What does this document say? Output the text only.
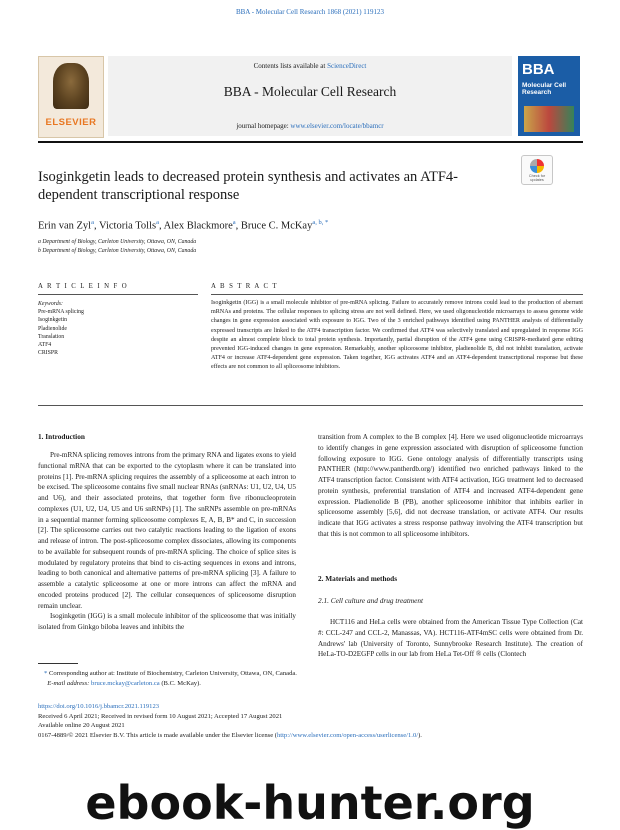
BBA - Molecular Cell Research 1868 (2021) 119123
ELSEVIER
Contents lists available at ScienceDirect
BBA - Molecular Cell Research
journal homepage: www.elsevier.com/locate/bbamcr
BBA
Molecular Cell
Research
Isoginkgetin leads to decreased protein synthesis and activates an ATF4-dependent transcriptional response
Check for
updates
Erin van Zyl$^a$, Victoria Tolls$^a$, Alex Blackmore$^a$, Bruce C. McKay$^{a, b, *}$
a Department of Biology, Carleton University, Ottawa, ON, Canada
b Department of Biology, Carleton University, Ottawa, ON, Canada
A R T I C L E I N F O	A B S T R A C T
Keywords:
Pre-mRNA splicing
Isoginkgetin
Pladienolide
Translation
ATF4
CRISPR
Isoginkgetin (IGG) is a small molecule inhibitor of pre-mRNA splicing. Failure to accurately remove introns could lead to the production of aberrant mRNAs and proteins. The cellular responses to splicing stress are not well defined. Here, we used oligonucleotide microarrays to assess genome wide changes in gene expression associated with exposure to IGG. Two of the 3 enriched pathways identified using PANTHER analysis of differentially expressed transcripts are linked to the ATF4 transcription factor. We confirmed that ATF4 was selectively translated and upregulated in response IGG despite an almost complete block to total protein synthesis. Importantly, partial disruption of the ATF4 gene using CRISPR-mediated gene editing prevented IGG-induced changes in gene expression. Remarkably, another spliceosome inhibitor, pladienolide B, did not inhibit translation, activate ATF4 or increase ATF4-dependent gene expression. Taken together, IGG activates ATF4 and an ATF4-dependent transcriptional response but these effects are not common to all spliceosome inhibitors.
1. Introduction

Pre-mRNA splicing removes introns from the primary RNA and ligates exons to yield functional mRNA that can be exported to the cytoplasm where it can be translated into proteins [1]. Pre-mRNA splicing requires the assembly of a spliceosome at each intron to be excised. The spliceosome contains five small nuclear RNAs (snRNAs: U1, U2, U4, U5 and U6), and their associated proteins, that together form five ribonucleoprotein complexes (U1, U2, U4, U5 and U6 snRNPs) [1]. The snRNPs assemble on pre-mRNAs in a sequential manner forming spliceosome complexes E, A, B, B* and C, in succession [2]. The spliceosome carries out two catalytic reactions leading to the ligation of exons and release of intron. The post-spliceosome complex dissociates, allowing its components to be available for subsequent rounds of pre-mRNA splicing. The choice of splice sites is modulated by regulatory proteins that bind to cis-acting sequences in exons and introns, leading to both canonical and alternative patterns of pre-mRNA splicing [3]. A failure to assemble a catalytic spliceosome at one or more introns can affect the mRNA and encoded proteins produced [2]. The cellular consequences of spliceosome disruption remain unclear.

Isoginkgetin (IGG) is a small molecule inhibitor of the spliceosome that was initially isolated from Ginkgo biloba leaves and inhibits the

transition from A complex to the B complex [4]. Here we used oligonucleotide microarrays to identify changes in gene expression associated with disruption of spliceosome function following exposure to IGG. Gene ontology analysis of differentially transcripts using PANTHER (http://www.pantherdb.org/) identified two enriched pathways linked to the ATF4 transcription factor. Consistent with ATF4 activation, IGG treatment led to decreased protein synthesis, preferential translation of ATF4 and increased ATF4-dependent gene expression. Pladienolide B (PB), another spliceosome inhibitor that inhibits earlier in spliceosome assembly [5,6], did not decrease translation, or activate ATF4. Our results indicate that IGG activates a stress response pathway involving the ATF4 transcription but that this is not common to all spliceosome inhibitors.

2. Materials and methods
2.1. Cell culture and drug treatment

HCT116 and HeLa cells were obtained from the American Tissue Type Collection (Cat #: CCL-247 and CCL-2, Manassas, VA). HCT116-ATF4mSC cells were obtained from Dr. Andrews' lab (University of Toronto, Sunnybrooke Research Institute). The creation of HeLa-TO-D2EGFP cells in our lab from HeLa Tet-Off ® cells (Clontech

* Corresponding author at: Institute of Biochemistry, Carleton University, Ottawa, ON, Canada.
E-mail address: bruce.mckay@carleton.ca (B.C. McKay).
https://doi.org/10.1016/j.bbamcr.2021.119123
Received 6 April 2021; Received in revised form 10 August 2021; Accepted 17 August 2021
Available online 20 August 2021
0167-4889/© 2021 Elsevier B.V. This article is made available under the Elsevier license (http://www.elsevier.com/open-access/userlicense/1.0/).
ebook-hunter.org
